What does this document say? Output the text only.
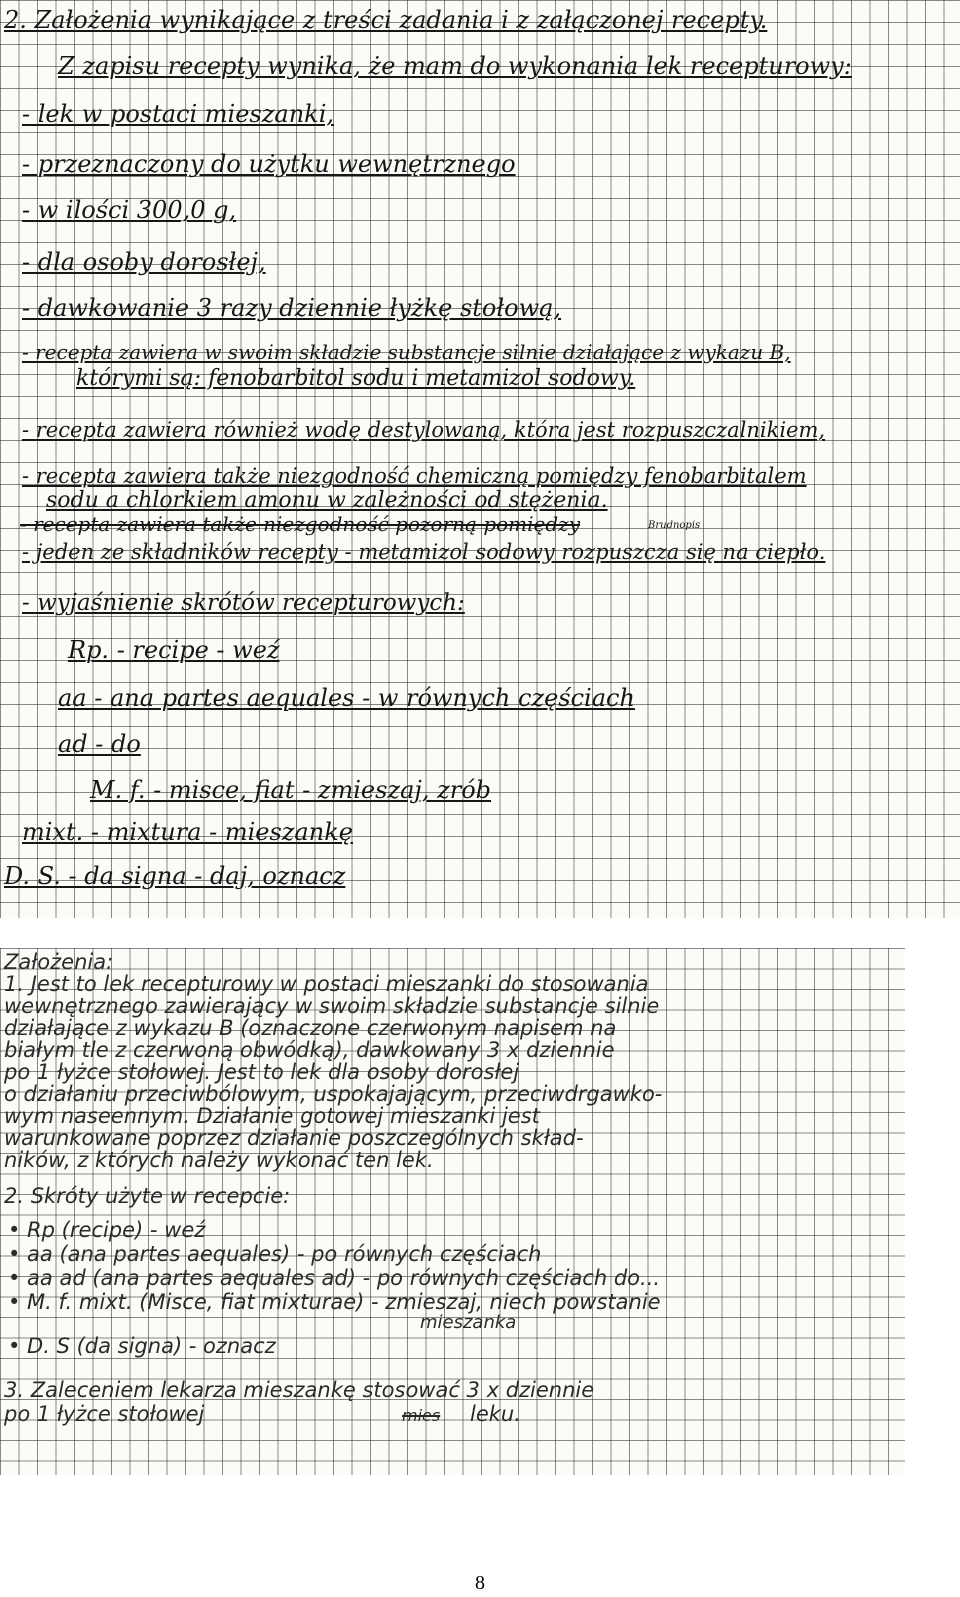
2. Założenia wynikające z treści zadania i z załączonej recepty.

Z zapisu recepty wynika, że mam do wykonania lek recepturowy:

- lek w postaci mieszanki,

- przeznaczony do użytku wewnętrznego

- w ilości 300,0 g,

- dla osoby dorosłej,

- dawkowanie 3 razy dziennie łyżkę stołową,

- recepta zawiera w swoim składzie substancje silnie działające z wykazu B,

którymi są: fenobarbitol sodu i metamizol sodowy.

- recepta zawiera również wodę destylowaną, która jest rozpuszczalnikiem,

- recepta zawiera także niezgodność chemiczną pomiędzy fenobarbitalem

sodu a chlorkiem amonu w zależności od stężenia.

- recepta zawiera także niezgodność pozorną pomiędzy	Brudnopis

- jeden ze składników recepty - metamizol sodowy rozpuszcza się na ciepło.

- wyjaśnienie skrótów recepturowych:

Rp. - recipe - weź

aa - ana partes aequales - w równych częściach

ad - do

M. f. - misce, fiat - zmieszaj, zrób

mixt. - mixtura - mieszankę

D. S. - da signa - daj, oznacz

Założenia:

1. Jest to lek recepturowy w postaci mieszanki do stosowania

wewnętrznego zawierający w swoim składzie substancje silnie

działające z wykazu B (oznaczone czerwonym napisem na

białym tle z czerwoną obwódką), dawkowany 3 x dziennie

po 1 łyżce stołowej. Jest to lek dla osoby dorosłej

o działaniu przeciwbólowym, uspokajającym, przeciwdrgawko-

wym naseennym. Działanie gotowej mieszanki jest

warunkowane poprzez działanie poszczególnych skład-

ników, z których należy wykonać ten lek.

2. Skróty użyte w recepcie:

• Rp (recipe) - weź

• aa (ana partes aequales) - po równych częściach

• aa ad (ana partes aequales ad) - po równych częściach do...

• M. f. mixt. (Misce, fiat mixturae) - zmieszaj, niech powstanie

mieszanka

• D. S (da signa) - oznacz

3. Zaleceniem lekarza mieszankę stosować 3 x dziennie

po 1 łyżce stołowej	mies leku.

8
